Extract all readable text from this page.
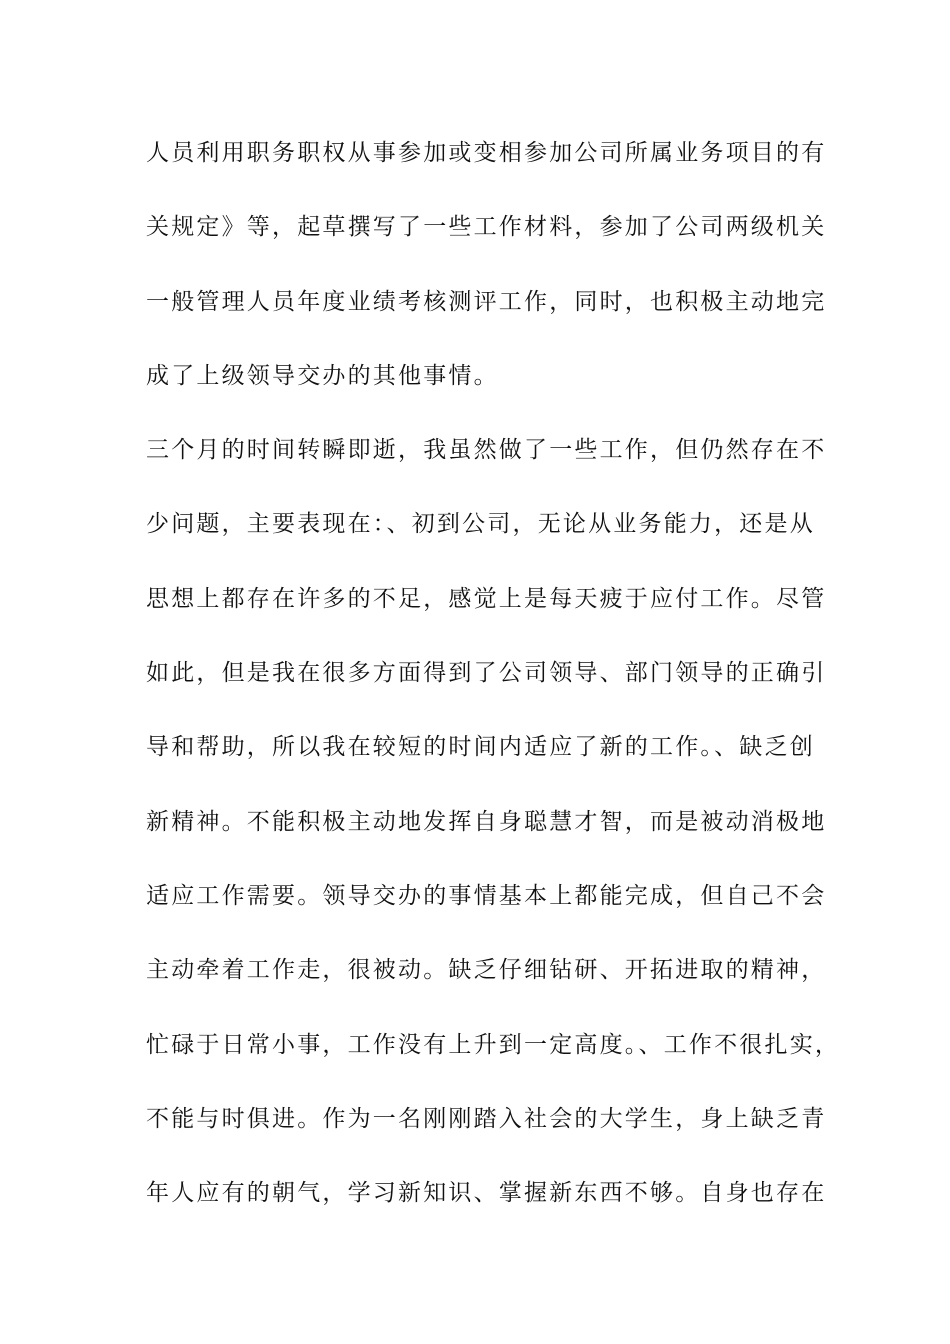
人员利用职务职权从事参加或变相参加公司所属业务项目的有
关规定》等，起草撰写了一些工作材料，参加了公司两级机关
一般管理人员年度业绩考核测评工作，同时，也积极主动地完
成了上级领导交办的其他事情。
三个月的时间转瞬即逝，我虽然做了一些工作，但仍然存在不
少问题，主要表现在：、初到公司，无论从业务能力，还是从
思想上都存在许多的不足，感觉上是每天疲于应付工作。尽管
如此，但是我在很多方面得到了公司领导、部门领导的正确引
导和帮助，所以我在较短的时间内适应了新的工作。、缺乏创
新精神。不能积极主动地发挥自身聪慧才智，而是被动消极地
适应工作需要。领导交办的事情基本上都能完成，但自己不会
主动牵着工作走，很被动。缺乏仔细钻研、开拓进取的精神，
忙碌于日常小事，工作没有上升到一定高度。、工作不很扎实，
不能与时俱进。作为一名刚刚踏入社会的大学生，身上缺乏青
年人应有的朝气，学习新知识、掌握新东西不够。自身也存在
